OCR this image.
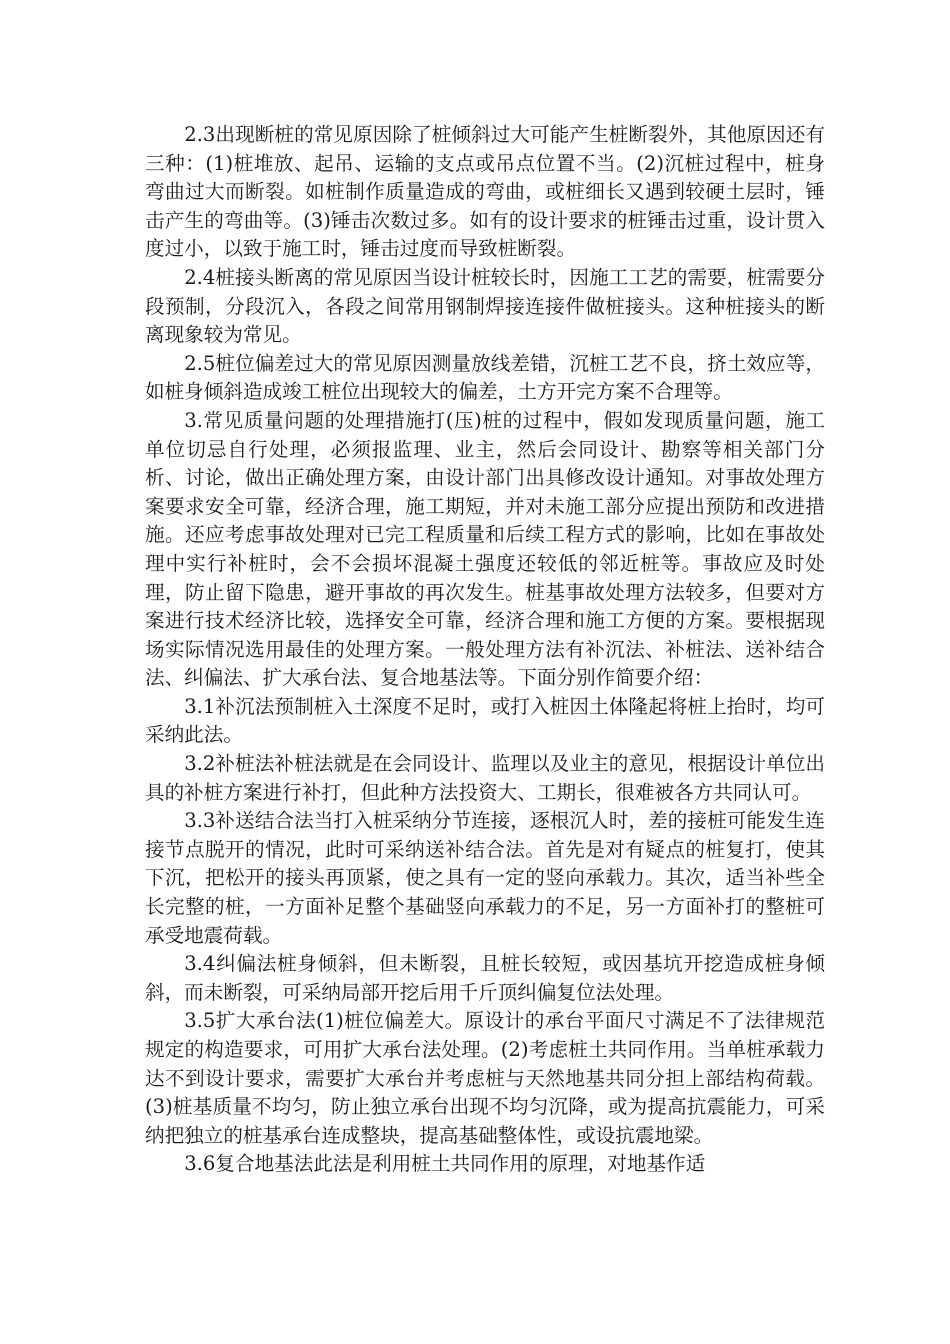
2.3出现断桩的常见原因除了桩倾斜过大可能产生桩断裂外，其他原因还有三种：(1)桩堆放、起吊、运输的支点或吊点位置不当。(2)沉桩过程中，桩身弯曲过大而断裂。如桩制作质量造成的弯曲，或桩细长又遇到较硬土层时，锤击产生的弯曲等。(3)锤击次数过多。如有的设计要求的桩锤击过重，设计贯入度过小，以致于施工时，锤击过度而导致桩断裂。

2.4桩接头断离的常见原因当设计桩较长时，因施工工艺的需要，桩需要分段预制，分段沉入，各段之间常用钢制焊接连接件做桩接头。这种桩接头的断离现象较为常见。

2.5桩位偏差过大的常见原因测量放线差错，沉桩工艺不良，挤土效应等，如桩身倾斜造成竣工桩位出现较大的偏差，土方开完方案不合理等。

3.常见质量问题的处理措施打(压)桩的过程中，假如发现质量问题，施工单位切忌自行处理，必须报监理、业主，然后会同设计、勘察等相关部门分析、讨论，做出正确处理方案，由设计部门出具修改设计通知。对事故处理方案要求安全可靠，经济合理，施工期短，并对未施工部分应提出预防和改进措施。还应考虑事故处理对已完工程质量和后续工程方式的影响，比如在事故处理中实行补桩时，会不会损坏混凝土强度还较低的邻近桩等。事故应及时处理，防止留下隐患，避开事故的再次发生。桩基事故处理方法较多，但要对方案进行技术经济比较，选择安全可靠，经济合理和施工方便的方案。要根据现场实际情况选用最佳的处理方案。一般处理方法有补沉法、补桩法、送补结合法、纠偏法、扩大承台法、复合地基法等。下面分别作简要介绍：

3.1补沉法预制桩入土深度不足时，或打入桩因土体隆起将桩上抬时，均可采纳此法。

3.2补桩法补桩法就是在会同设计、监理以及业主的意见，根据设计单位出具的补桩方案进行补打，但此种方法投资大、工期长，很难被各方共同认可。

3.3补送结合法当打入桩采纳分节连接，逐根沉人时，差的接桩可能发生连接节点脱开的情况，此时可采纳送补结合法。首先是对有疑点的桩复打，使其下沉，把松开的接头再顶紧，使之具有一定的竖向承载力。其次，适当补些全长完整的桩，一方面补足整个基础竖向承载力的不足，另一方面补打的整桩可承受地震荷载。

3.4纠偏法桩身倾斜，但未断裂，且桩长较短，或因基坑开挖造成桩身倾斜，而未断裂，可采纳局部开挖后用千斤顶纠偏复位法处理。

3.5扩大承台法(1)桩位偏差大。原设计的承台平面尺寸满足不了法律规范规定的构造要求，可用扩大承台法处理。(2)考虑桩土共同作用。当单桩承载力达不到设计要求，需要扩大承台并考虑桩与天然地基共同分担上部结构荷载。(3)桩基质量不均匀，防止独立承台出现不均匀沉降，或为提高抗震能力，可采纳把独立的桩基承台连成整块，提高基础整体性，或设抗震地梁。

3.6复合地基法此法是利用桩土共同作用的原理，对地基作适
